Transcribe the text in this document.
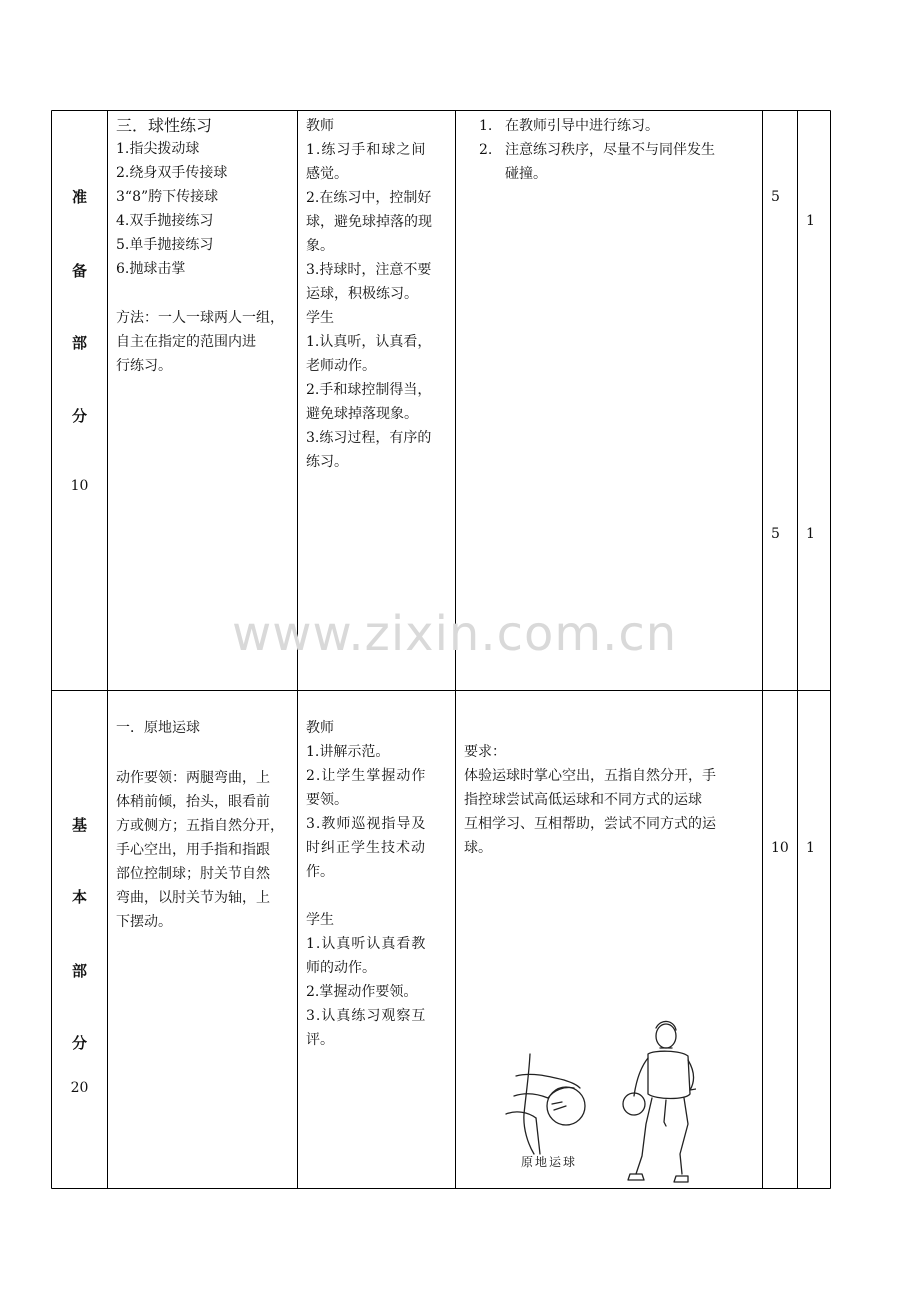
www.zixin.com.cn
准
备
部
分
10
三．球性练习
1.指尖拨动球
2.绕身双手传接球
3“8”胯下传接球
4.双手抛接练习
5.单手抛接练习
6.抛球击掌
方法：一人一球两人一组，
自主在指定的范围内进
行练习。
教师
1.练习手和球之间
感觉。
2.在练习中，控制好
球，避免球掉落的现
象。
3.持球时，注意不要
运球，积极练习。
学生
1.认真听，认真看，
老师动作。
2.手和球控制得当，
避免球掉落现象。
3.练习过程，有序的
练习。
1. 在教师引导中进行练习。
2. 注意练习秩序，尽量不与同伴发生
碰撞。
5
1
5 1
基
本
部
分
20
一．原地运球
动作要领：两腿弯曲，上
体稍前倾，抬头，眼看前
方或侧方；五指自然分开，
手心空出，用手指和指跟
部位控制球；肘关节自然
弯曲，以肘关节为轴，上
下摆动。
教师
1.讲解示范。
2.让学生掌握动作
要领。
3.教师巡视指导及
时纠正学生技术动
作。
学生
1.认真听认真看教
师的动作。
2.掌握动作要领。
3.认真练习观察互
评。
要求：
体验运球时掌心空出，五指自然分开，手
指控球尝试高低运球和不同方式的运球
互相学习、互相帮助，尝试不同方式的运
球。
原地运球
10 1
